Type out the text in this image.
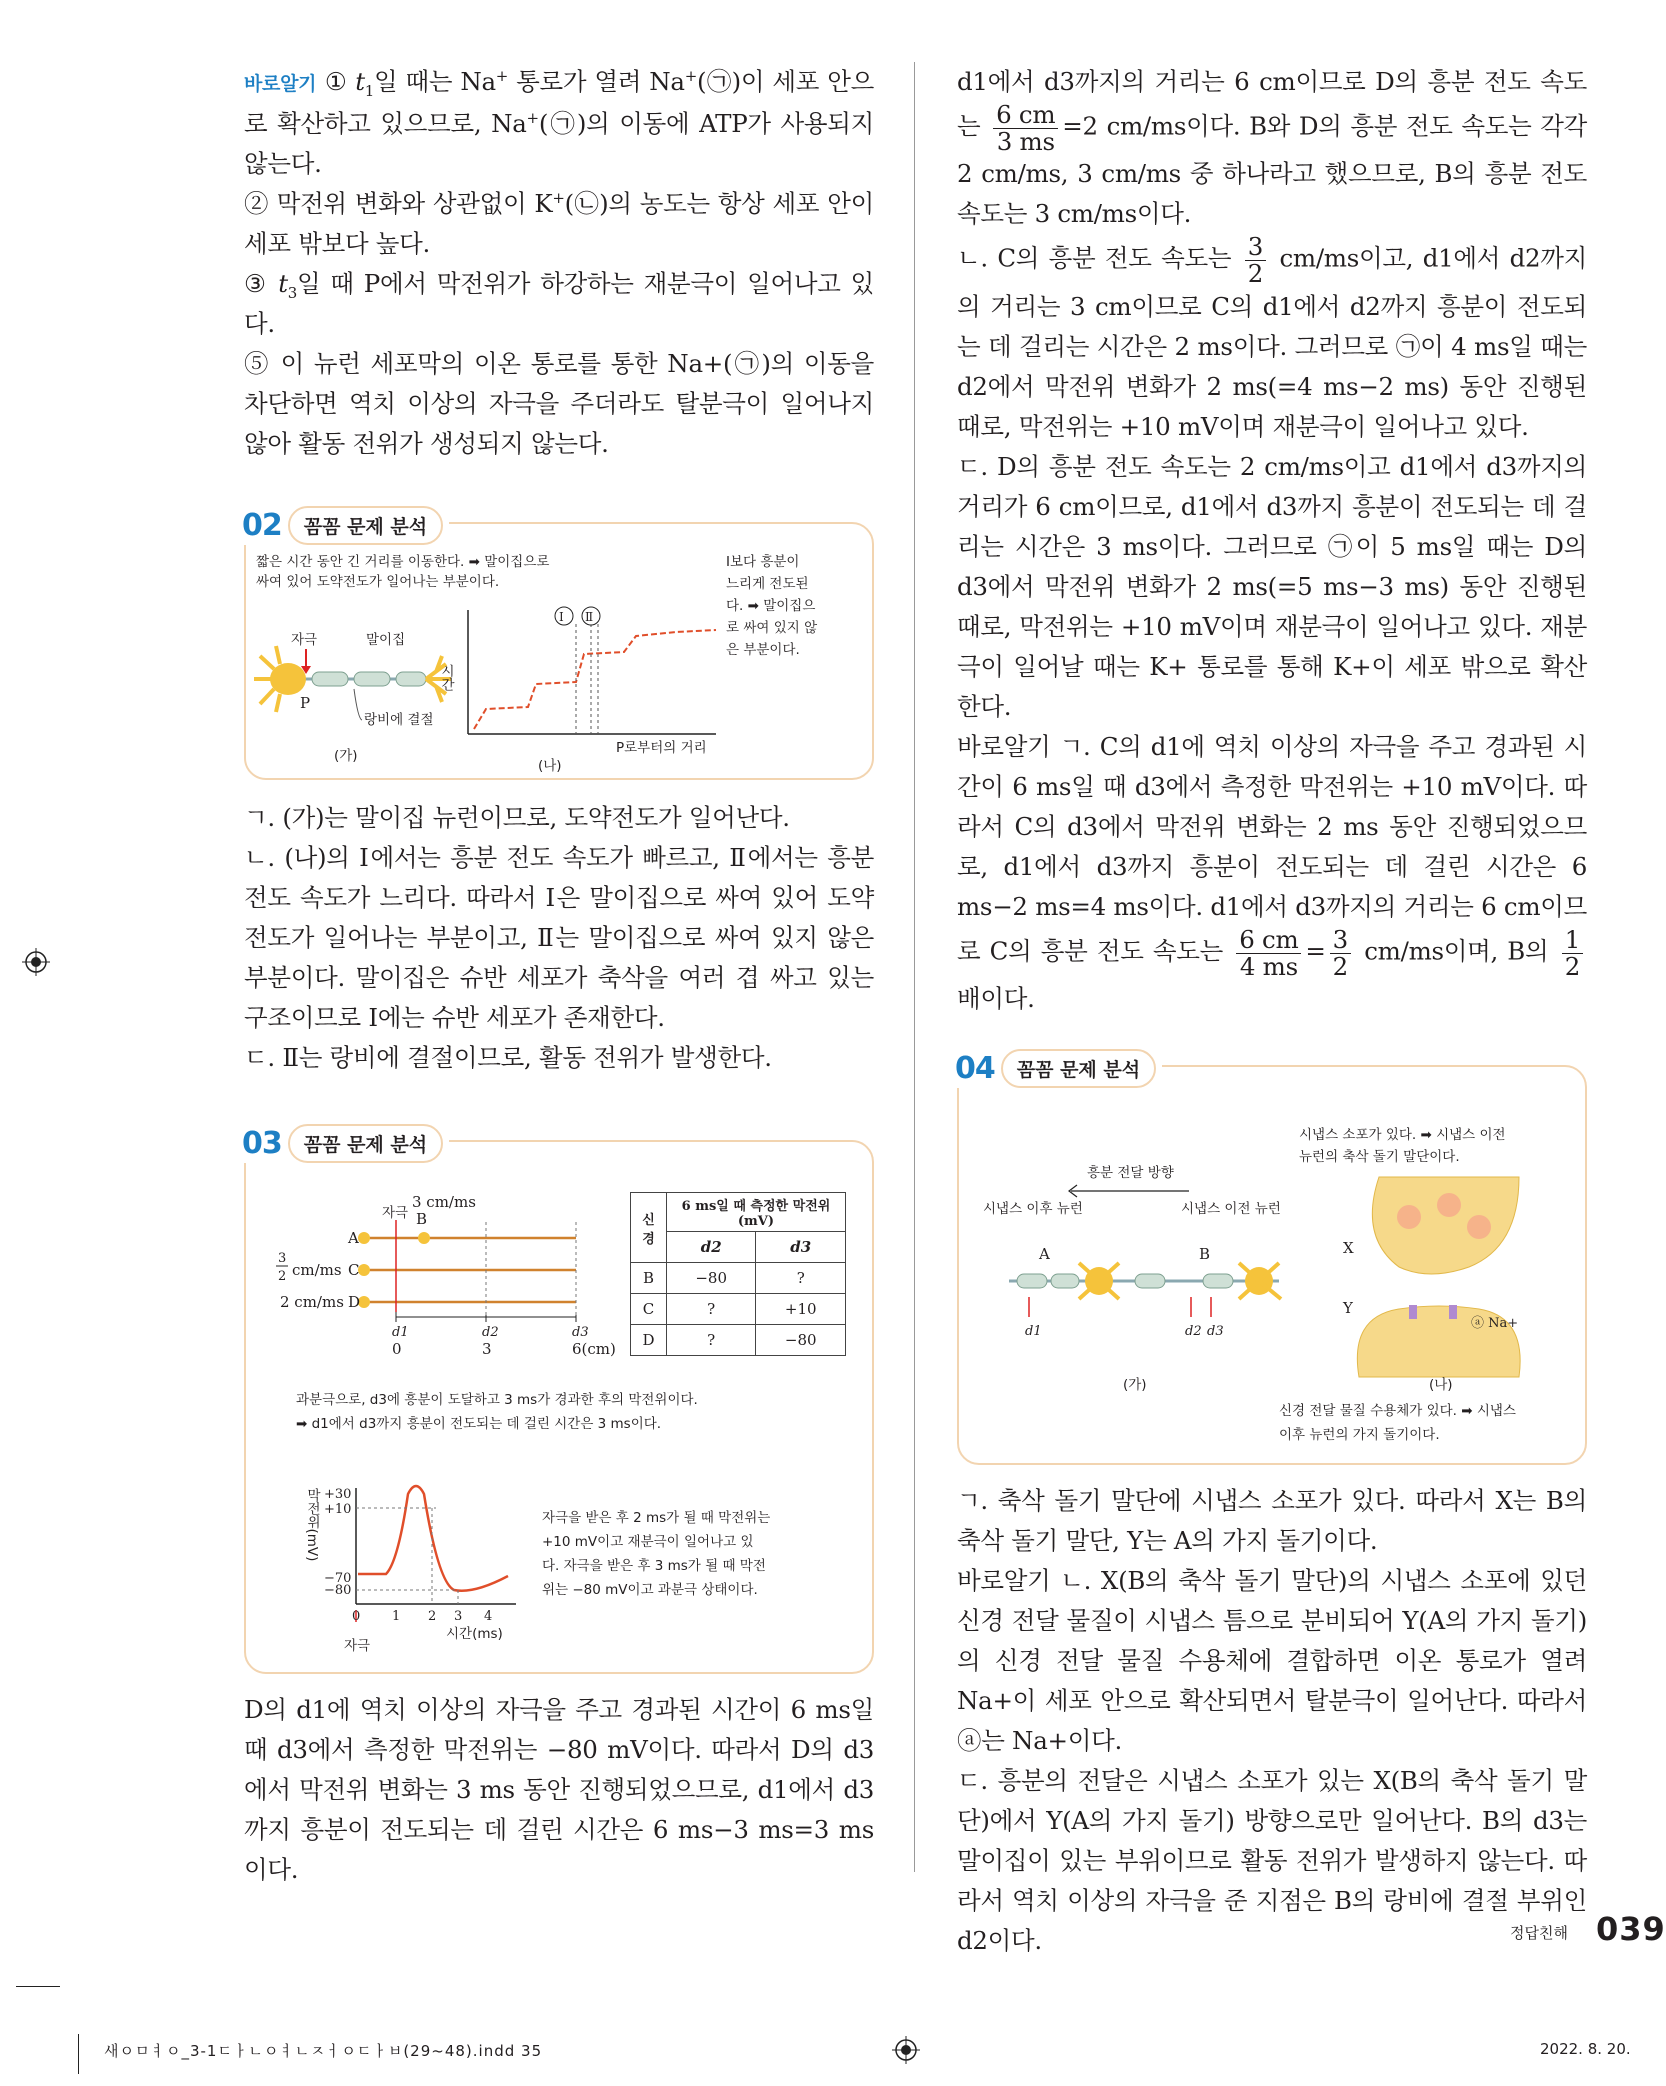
바로알기 ① $t_1$일 때는 Na+ 통로가 열려 Na+(㉠)이 세포 안으로 확산하고 있으므로, Na+(㉠)의 이동에 ATP가 사용되지 않는다.

② 막전위 변화와 상관없이 K+(㉡)의 농도는 항상 세포 안이 세포 밖보다 높다.

③ $t_3$일 때 P에서 막전위가 하강하는 재분극이 일어나고 있다.

⑤ 이 뉴런 세포막의 이온 통로를 통한 Na+(㉠)의 이동을 차단하면 역치 이상의 자극을 주더라도 탈분극이 일어나지 않아 활동 전위가 생성되지 않는다.

02	꼼꼼 문제 분석
짧은 시간 동안 긴 거리를 이동한다. ➡ 말이집으로
싸여 있어 도약전도가 일어나는 부분이다.
Ⅰ보다 흥분이
느리게 전도된
다. ➡ 말이집으
로 싸여 있지 않
은 부분이다.
자극	말이집
P
랑비에 결절
(가)
시간
Ⅰ Ⅱ
P로부터의 거리
(나)

ㄱ. (가)는 말이집 뉴런이므로, 도약전도가 일어난다.

ㄴ. (나)의 Ⅰ에서는 흥분 전도 속도가 빠르고, Ⅱ에서는 흥분 전도 속도가 느리다. 따라서 Ⅰ은 말이집으로 싸여 있어 도약전도가 일어나는 부분이고, Ⅱ는 말이집으로 싸여 있지 않은 부분이다. 말이집은 슈반 세포가 축삭을 여러 겹 싸고 있는 구조이므로 Ⅰ에는 슈반 세포가 존재한다.

ㄷ. Ⅱ는 랑비에 결절이므로, 활동 전위가 발생한다.

03	꼼꼼 문제 분석
자극
3 cm/ms
B
A
3
2 cm/ms C
2 cm/ms D
d1	d2	d3
0	3	6(cm)
신경	6 ms일 때 측정한 막전위(mV)
d2	d3
B	−80	?
C	?	+10
D	?	−80
과분극으로, d3에 흥분이 도달하고 3 ms가 경과한 후의 막전위이다.
➡ d1에서 d3까지 흥분이 전도되는 데 걸린 시간은 3 ms이다.
막전위(mV) +30
+10
−70
−80
0 1 2 3 4
시간(ms)
자극
자극을 받은 후 2 ms가 될 때 막전위는
+10 mV이고 재분극이 일어나고 있
다. 자극을 받은 후 3 ms가 될 때 막전
위는 −80 mV이고 과분극 상태이다.

D의 d1에 역치 이상의 자극을 주고 경과된 시간이 6 ms일 때 d3에서 측정한 막전위는 −80 mV이다. 따라서 D의 d3에서 막전위 변화는 3 ms 동안 진행되었으므로, d1에서 d3까지 흥분이 전도되는 데 걸린 시간은 6 ms−3 ms=3 ms이다.

d1에서 d3까지의 거리는 6 cm이므로 D의 흥분 전도 속도는 $\frac{6 cm}{3 ms} =2$ cm/ms이다. B와 D의 흥분 전도 속도는 각각 2 cm/ms, 3 cm/ms 중 하나라고 했으므로, B의 흥분 전도 속도는 3 cm/ms이다.

ㄴ. C의 흥분 전도 속도는 $\frac{3}{2} cm/ms$이고, d1에서 d2까지의 거리는 3 cm이므로 C의 d1에서 d2까지 흥분이 전도되는 데 걸리는 시간은 2 ms이다. 그러므로 ㉠이 4 ms일 때는 d2에서 막전위 변화가 2 ms(=4 ms−2 ms) 동안 진행된 때로, 막전위는 +10 mV이며 재분극이 일어나고 있다.

ㄷ. D의 흥분 전도 속도는 2 cm/ms이고 d1에서 d3까지의 거리가 6 cm이므로, d1에서 d3까지 흥분이 전도되는 데 걸리는 시간은 3 ms이다. 그러므로 ㉠이 5 ms일 때는 D의 d3에서 막전위 변화가 2 ms(=5 ms−3 ms) 동안 진행된 때로, 막전위는 +10 mV이며 재분극이 일어나고 있다. 재분극이 일어날 때는 K+ 통로를 통해 K+이 세포 밖으로 확산한다.

바로알기 ㄱ. C의 d1에 역치 이상의 자극을 주고 경과된 시간이 6 ms일 때 d3에서 측정한 막전위는 +10 mV이다. 따라서 C의 d3에서 막전위 변화는 2 ms 동안 진행되었으므로, d1에서 d3까지 흥분이 전도되는 데 걸린 시간은 6 ms−2 ms=4 ms이다. d1에서 d3까지의 거리는 6 cm이므로 C의 흥분 전도 속도는 $\frac{6 cm}{4 ms} = \frac{3}{2} cm/ms$이며, B의 $\frac{1}{2}$
배이다.

04	꼼꼼 문제 분석
시냅스 소포가 있다. ➡ 시냅스 이전
뉴런의 축삭 돌기 말단이다.
흥분 전달 방향
시냅스 이후 뉴런	시냅스 이전 뉴런
A	B
d1	d2 d3
(가)
X
Y
ⓐ Na+
(나)
신경 전달 물질 수용체가 있다. ➡ 시냅스
이후 뉴런의 가지 돌기이다.

ㄱ. 축삭 돌기 말단에 시냅스 소포가 있다. 따라서 X는 B의 축삭 돌기 말단, Y는 A의 가지 돌기이다.

바로알기 ㄴ. X(B의 축삭 돌기 말단)의 시냅스 소포에 있던 신경 전달 물질이 시냅스 틈으로 분비되어 Y(A의 가지 돌기)의 신경 전달 물질 수용체에 결합하면 이온 통로가 열려 Na+이 세포 안으로 확산되면서 탈분극이 일어난다. 따라서 ⓐ는 Na+이다.

ㄷ. 흥분의 전달은 시냅스 소포가 있는 X(B의 축삭 돌기 말단)에서 Y(A의 가지 돌기) 방향으로만 일어난다. B의 d3는 말이집이 있는 부위이므로 활동 전위가 발생하지 않는다. 따라서 역치 이상의 자극을 준 지점은 B의 랑비에 결절 부위인 d2이다.	정답친해 039
새ㅇㅁㅕㅇ_3-1ㄷㅏㄴㅇㅕㄴㅈㅓㅇㄷㅏㅂ(29~48).indd 35	2022. 8. 20.
